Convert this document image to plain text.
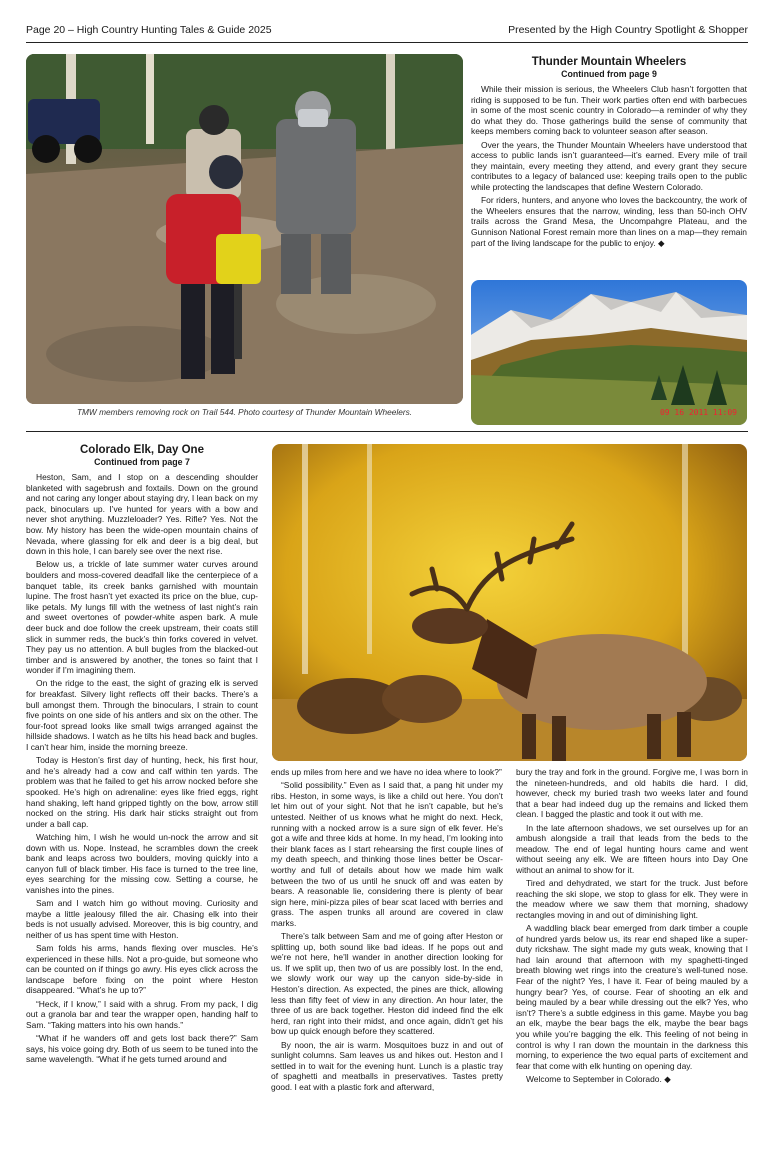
Page 20 – High Country Hunting Tales & Guide 2025	Presented by the High Country Spotlight & Shopper
TMW members removing rock on Trail 544. Photo courtesy of Thunder Mountain Wheelers.
Thunder Mountain Wheelers
Continued from page 9

While their mission is serious, the Wheelers Club hasn’t forgotten that riding is supposed to be fun. Their work parties often end with barbecues in some of the most scenic country in Colorado—a reminder of why they do what they do. Those gatherings build the sense of community that keeps members coming back to volunteer season after season.

Over the years, the Thunder Mountain Wheelers have understood that access to public lands isn’t guaranteed—it’s earned. Every mile of trail they maintain, every meeting they attend, and every grant they secure contributes to a legacy of balanced use: keeping trails open to the public while protecting the landscapes that define Western Colorado.

For riders, hunters, and anyone who loves the backcountry, the work of the Wheelers ensures that the narrow, winding, less than 50-inch OHV trails across the Grand Mesa, the Uncompahgre Plateau, and the Gunnison National Forest remain more than lines on a map—they remain part of the living landscape for the public to enjoy. ◆

09 16 2011 11:09
Colorado Elk, Day One
Continued from page 7

Heston, Sam, and I stop on a descending shoulder blanketed with sagebrush and foxtails. Down on the ground and not caring any longer about staying dry, I lean back on my pack, binoculars up. I’ve hunted for years with a bow and never shot anything. Muzzleloader? Yes. Rifle? Yes. Not the bow. My history has been the wide-open mountain chains of Nevada, where glassing for elk and deer is a big deal, but down in this hole, I can barely see over the next rise.

Below us, a trickle of late summer water curves around boulders and moss-covered deadfall like the centerpiece of a banquet table, its creek banks garnished with mountain lupine. The frost hasn’t yet exacted its price on the blue, cup-like petals. My lungs fill with the wetness of last night’s rain and sweet overtones of powder-white aspen bark. A mule deer buck and doe follow the creek upstream, their coats still slick in summer reds, the buck’s thin forks covered in velvet. They pay us no attention. A bull bugles from the blacked-out timber and is answered by another, the tones so faint that I wonder if I’m imagining them.

On the ridge to the east, the sight of grazing elk is served for breakfast. Silvery light reflects off their backs. There’s a bull amongst them. Through the binoculars, I strain to count five points on one side of his antlers and six on the other. The four-foot spread looks like small twigs arranged against the hillside shadows. I watch as he tilts his head back and bugles. I can’t hear him, inside the morning breeze.

Today is Heston’s first day of hunting, heck, his first hour, and he’s already had a cow and calf within ten yards. The problem was that he failed to get his arrow nocked before she spooked. He’s high on adrenaline: eyes like fried eggs, right hand shaking, left hand gripped tightly on the bow, arrow still nocked on the string. His dark hair sticks straight out from under a ball cap.

Watching him, I wish he would un-nock the arrow and sit down with us. Nope. Instead, he scrambles down the creek bank and leaps across two boulders, moving quickly into a canyon full of black timber. His face is turned to the tree line, eyes searching for the missing cow. Setting a course, he vanishes into the pines.

Sam and I watch him go without moving. Curiosity and maybe a little jealousy filled the air. Chasing elk into their beds is not usually advised. Moreover, this is big country, and neither of us has spent time with Heston.

Sam folds his arms, hands flexing over muscles. He’s experienced in these hills. Not a pro-guide, but someone who can be counted on if things go awry. His eyes click across the landscape before fixing on the point where Heston disappeared. “What’s he up to?”

“Heck, if I know,” I said with a shrug. From my pack, I dig out a granola bar and tear the wrapper open, handing half to Sam. “Taking matters into his own hands.”

“What if he wanders off and gets lost back there?” Sam says, his voice going dry. Both of us seem to be tuned into the same wavelength. “What if he gets turned around and

ends up miles from here and we have no idea where to look?”

“Solid possibility.” Even as I said that, a pang hit under my ribs. Heston, in some ways, is like a child out here. You don’t let him out of your sight. Not that he isn’t capable, but he’s untested. Neither of us knows what he might do next. Heck, running with a nocked arrow is a sure sign of elk fever. He’s got a wife and three kids at home. In my head, I’m looking into their blank faces as I start rehearsing the first couple lines of my death speech, and thinking those lines better be Oscar-worthy and full of details about how we made him walk between the two of us until he snuck off and was eaten by bears. A reasonable lie, considering there is plenty of bear sign here, mini-pizza piles of bear scat laced with berries and grass. The aspen trunks all around are covered in claw marks.

There’s talk between Sam and me of going after Heston or splitting up, both sound like bad ideas. If he pops out and we’re not here, he’ll wander in another direction looking for us. If we split up, then two of us are possibly lost. In the end, we slowly work our way up the canyon side-by-side in Heston’s direction. As expected, the pines are thick, allowing less than fifty feet of view in any direction. An hour later, the three of us are back together. Heston did indeed find the elk herd, ran right into their midst, and once again, didn’t get his bow up quick enough before they scattered.

By noon, the air is warm. Mosquitoes buzz in and out of sunlight columns. Sam leaves us and hikes out. Heston and I settled in to wait for the evening hunt. Lunch is a plastic tray of spaghetti and meatballs in preservatives. Tastes pretty good. I eat with a plastic fork and afterward,

bury the tray and fork in the ground. Forgive me, I was born in the nineteen-hundreds, and old habits die hard. I did, however, check my buried trash two weeks later and found that a bear had indeed dug up the remains and licked them clean. I bagged the plastic and took it out with me.

In the late afternoon shadows, we set ourselves up for an ambush alongside a trail that leads from the beds to the meadow. The end of legal hunting hours came and went without seeing any elk. We are fifteen hours into Day One without an animal to show for it.

Tired and dehydrated, we start for the truck. Just before reaching the ski slope, we stop to glass for elk. They were in the meadow where we saw them that morning, shadowy rectangles moving in and out of diminishing light.

A waddling black bear emerged from dark timber a couple of hundred yards below us, its rear end shaped like a super-duty rickshaw. The sight made my guts weak, knowing that I had lain around that afternoon with my spaghetti-tinged breath blowing wet rings into the creature’s well-tuned nose. Fear of the night? Yes, I have it. Fear of being mauled by a hungry bear? Yes, of course. Fear of shooting an elk and being mauled by a bear while dressing out the elk? Yes, who isn’t? There’s a subtle edginess in this game. Maybe you bag an elk, maybe the bear bags the elk, maybe the bear bags you while you’re bagging the elk. This feeling of not being in control is why I ran down the mountain in the darkness this morning, to experience the two equal parts of excitement and fear that come with elk hunting on opening day.

Welcome to September in Colorado. ◆
